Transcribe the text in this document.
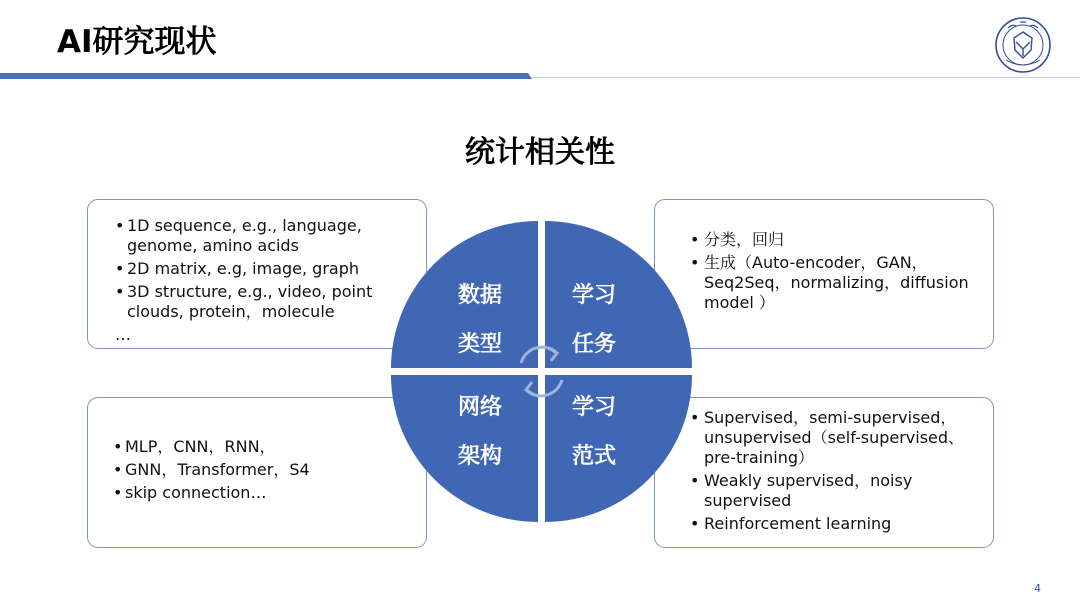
AI研究现状
统计相关性
• 1D sequence, e.g., language, genome, amino acids
• 2D matrix, e.g, image, graph
• 3D structure, e.g., video, point clouds, protein，molecule
…
• 分类，回归
• 生成（Auto-encoder，GAN，Seq2Seq，normalizing，diffusion model ）
• MLP，CNN，RNN，
• GNN，Transformer，S4
• skip connection…
• Supervised，semi-supervised，unsupervised（self-supervised、pre-training）
• Weakly supervised，noisy supervised
• Reinforcement learning
数据
类型
学习
任务
网络
架构
学习
范式
4
